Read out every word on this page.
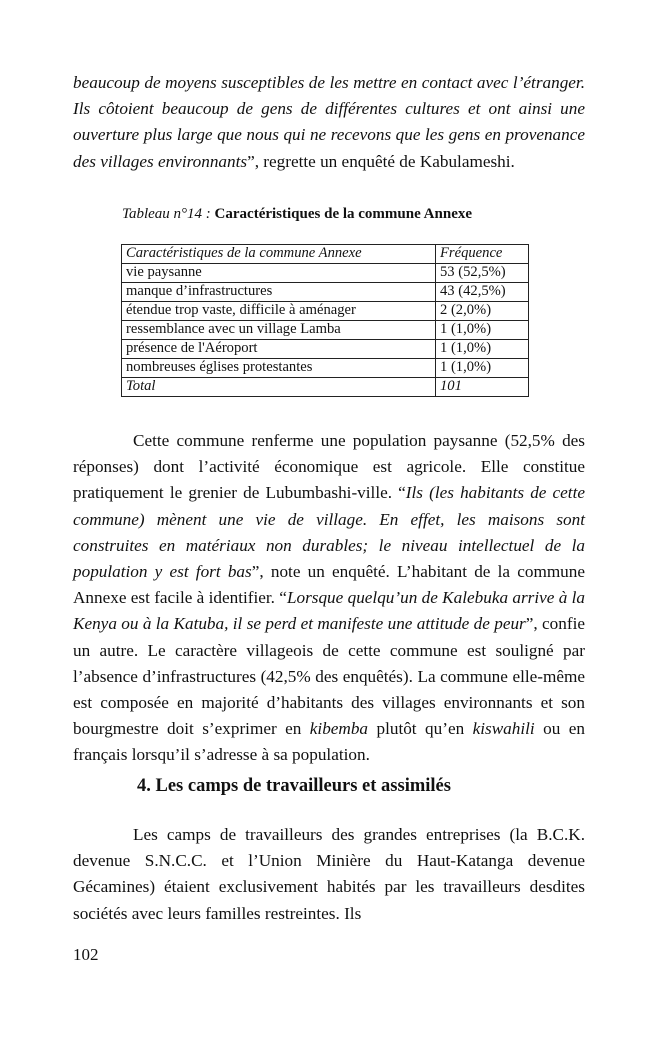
beaucoup de moyens susceptibles de les mettre en contact avec l’étranger. Ils côtoient beaucoup de gens de différentes cultures et ont ainsi une ouverture plus large que nous qui ne recevons que les gens en provenance des villages environnants”, regrette un enquêté de Kabulameshi.

Tableau n°14 : Caractéristiques de la commune Annexe

Caractéristiques de la commune Annexe	Fréquence
vie paysanne	53 (52,5%)
manque d’infrastructures	43 (42,5%)
étendue trop vaste, difficile à aménager	2 (2,0%)
ressemblance avec un village Lamba	1 (1,0%)
présence de l'Aéroport	1 (1,0%)
nombreuses églises protestantes	1 (1,0%)
Total	101

Cette commune renferme une population paysanne (52,5% des réponses) dont l’activité économique est agricole. Elle constitue pratiquement le grenier de Lubumbashi-ville. “Ils (les habitants de cette commune) mènent une vie de village. En effet, les maisons sont construites en matériaux non durables; le niveau intellectuel de la population y est fort bas”, note un enquêté. L’habitant de la commune Annexe est facile à identifier. “Lorsque quelqu’un de Kalebuka arrive à la Kenya ou à la Katuba, il se perd et manifeste une attitude de peur”, confie un autre. Le caractère villageois de cette commune est souligné par l’absence d’infrastructures (42,5% des enquêtés). La commune elle-même est composée en majorité d’habitants des villages environnants et son bourgmestre doit s’exprimer en kibemba plutôt qu’en kiswahili ou en français lorsqu’il s’adresse à sa population.

4. Les camps de travailleurs et assimilés

Les camps de travailleurs des grandes entreprises (la B.C.K. devenue S.N.C.C. et l’Union Minière du Haut-Katanga devenue Gécamines) étaient exclusivement habités par les travailleurs desdites sociétés avec leurs familles restreintes. Ils

102
